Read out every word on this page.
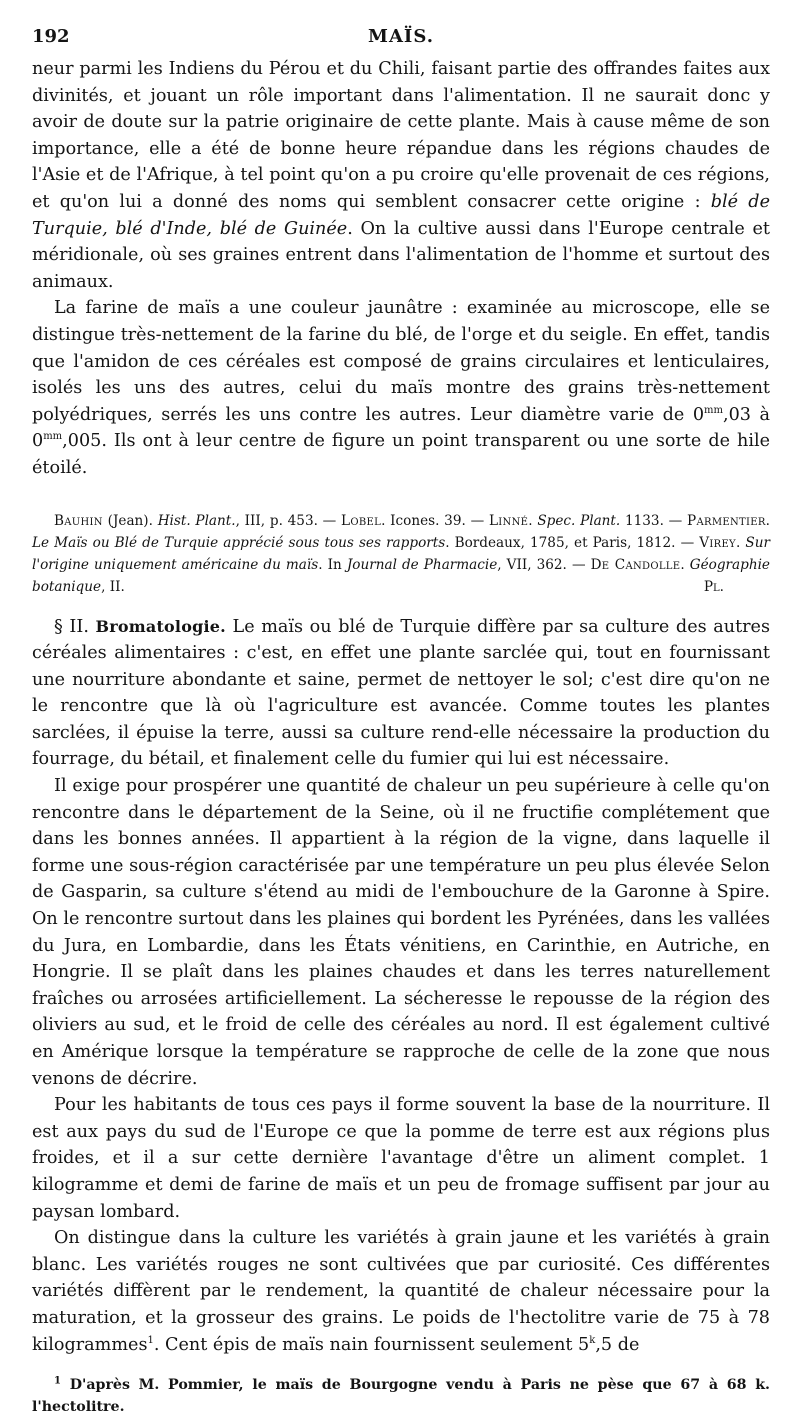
192	MAÏS.

neur parmi les Indiens du Pérou et du Chili, faisant partie des offrandes faites aux divinités, et jouant un rôle important dans l'alimentation. Il ne saurait donc y avoir de doute sur la patrie originaire de cette plante. Mais à cause même de son importance, elle a été de bonne heure répandue dans les régions chaudes de l'Asie et de l'Afrique, à tel point qu'on a pu croire qu'elle provenait de ces régions, et qu'on lui a donné des noms qui semblent consacrer cette origine : blé de Turquie, blé d'Inde, blé de Guinée. On la cultive aussi dans l'Europe centrale et méridionale, où ses graines entrent dans l'alimentation de l'homme et surtout des animaux.

La farine de maïs a une couleur jaunâtre : examinée au microscope, elle se distingue très-nettement de la farine du blé, de l'orge et du seigle. En effet, tandis que l'amidon de ces céréales est composé de grains circulaires et lenticulaires, isolés les uns des autres, celui du maïs montre des grains très-nettement polyédriques, serrés les uns contre les autres. Leur diamètre varie de $0^{mm},03$ à $0^{mm},005$. Ils ont à leur centre de figure un point transparent ou une sorte de hile étoilé.

Bauhin (Jean). Hist. Plant., III, p. 453. — Lobel. Icones. 39. — Linné. Spec. Plant. 1133. — Parmentier. Le Maïs ou Blé de Turquie apprécié sous tous ses rapports. Bordeaux, 1785, et Paris, 1812. — Virey. Sur l'origine uniquement américaine du maïs. In Journal de Pharmacie, VII, 362. — De Candolle. Géographie botanique, II.	Pl.

§ II. Bromatologie. Le maïs ou blé de Turquie diffère par sa culture des autres céréales alimentaires : c'est, en effet une plante sarclée qui, tout en fournissant une nourriture abondante et saine, permet de nettoyer le sol; c'est dire qu'on ne le rencontre que là où l'agriculture est avancée. Comme toutes les plantes sarclées, il épuise la terre, aussi sa culture rend-elle nécessaire la production du fourrage, du bétail, et finalement celle du fumier qui lui est nécessaire.

Il exige pour prospérer une quantité de chaleur un peu supérieure à celle qu'on rencontre dans le département de la Seine, où il ne fructifie complétement que dans les bonnes années. Il appartient à la région de la vigne, dans laquelle il forme une sous-région caractérisée par une température un peu plus élevée Selon de Gasparin, sa culture s'étend au midi de l'embouchure de la Garonne à Spire. On le rencontre surtout dans les plaines qui bordent les Pyrénées, dans les vallées du Jura, en Lombardie, dans les États vénitiens, en Carinthie, en Autriche, en Hongrie. Il se plaît dans les plaines chaudes et dans les terres naturellement fraîches ou arrosées artificiellement. La sécheresse le repousse de la région des oliviers au sud, et le froid de celle des céréales au nord. Il est également cultivé en Amérique lorsque la température se rapproche de celle de la zone que nous venons de décrire.

Pour les habitants de tous ces pays il forme souvent la base de la nourriture. Il est aux pays du sud de l'Europe ce que la pomme de terre est aux régions plus froides, et il a sur cette dernière l'avantage d'être un aliment complet. 1 kilogramme et demi de farine de maïs et un peu de fromage suffisent par jour au paysan lombard.

On distingue dans la culture les variétés à grain jaune et les variétés à grain blanc. Les variétés rouges ne sont cultivées que par curiosité. Ces différentes variétés diffèrent par le rendement, la quantité de chaleur nécessaire pour la maturation, et la grosseur des grains. Le poids de l'hectolitre varie de 75 à 78 kilogrammes$^1$. Cent épis de maïs nain fournissent seulement 5$^k$,5 de

$^1$ D'après M. Pommier, le maïs de Bourgogne vendu à Paris ne pèse que 67 à 68 k. l'hectolitre.
